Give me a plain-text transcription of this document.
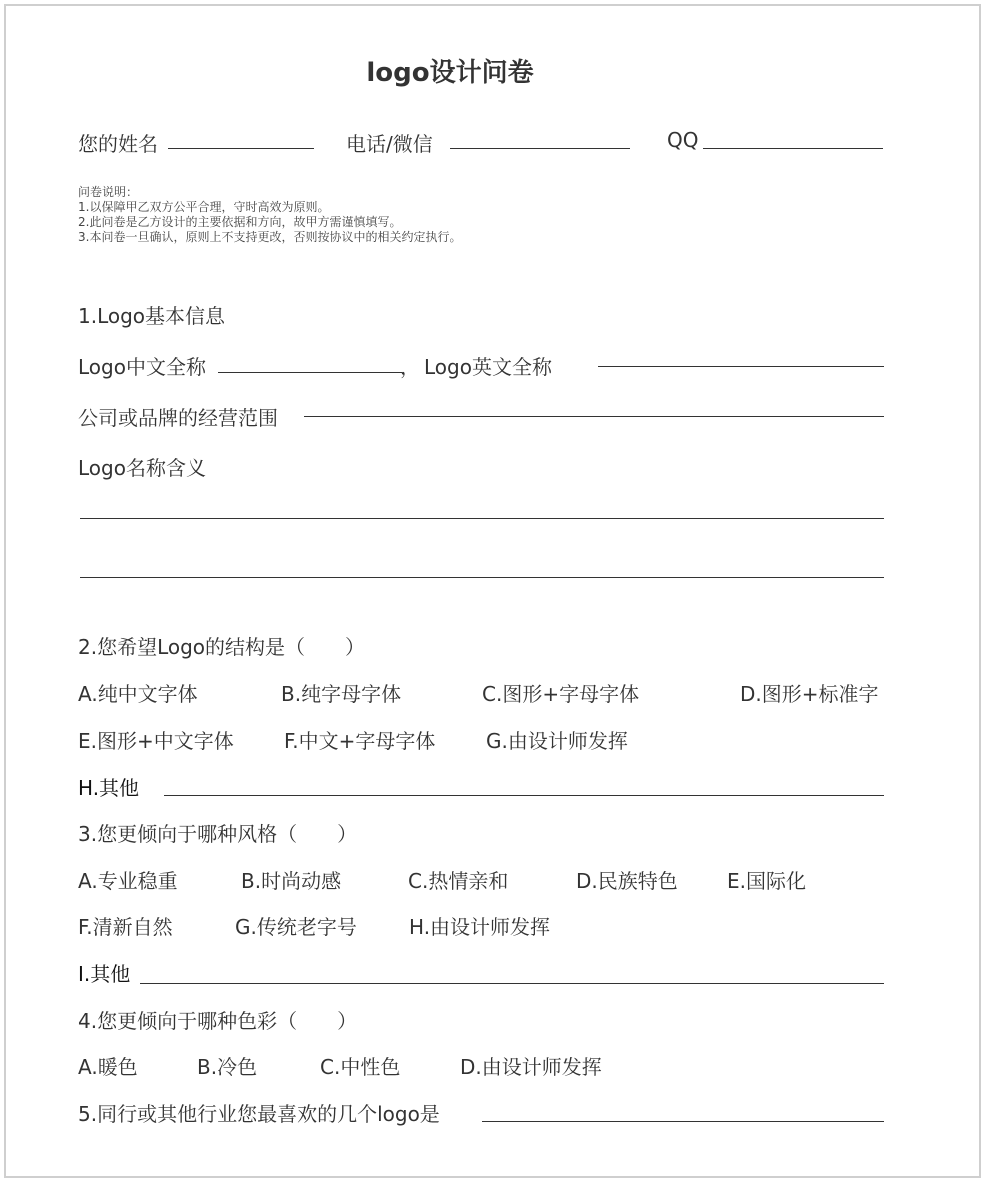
logo设计问卷
您的姓名	电话/微信	QQ
问卷说明：
1.以保障甲乙双方公平合理，守时高效为原则。
2.此问卷是乙方设计的主要依据和方向，故甲方需谨慎填写。
3.本问卷一旦确认，原则上不支持更改，否则按协议中的相关约定执行。
1.Logo基本信息
Logo中文全称	， Logo英文全称
公司或品牌的经营范围
Logo名称含义
2.您希望Logo的结构是（　　）
A.纯中文字体	B.纯字母字体	C.图形+字母字体	D.图形+标准字
E.图形+中文字体	F.中文+字母字体	G.由设计师发挥
H.其他
3.您更倾向于哪种风格（　　）
A.专业稳重	B.时尚动感	C.热情亲和	D.民族特色 E.国际化
F.清新自然	G.传统老字号	H.由设计师发挥
I.其他
4.您更倾向于哪种色彩（　　）
A.暖色	B.冷色	C.中性色	D.由设计师发挥
5.同行或其他行业您最喜欢的几个logo是
